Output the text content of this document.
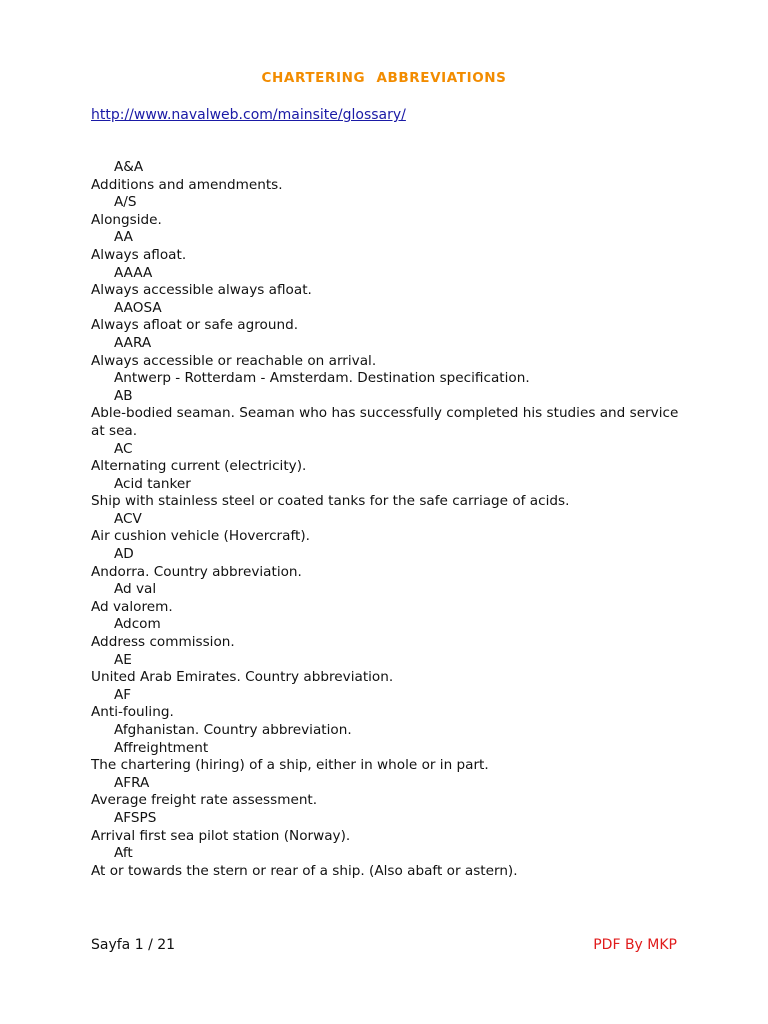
CHARTERING ABBREVIATIONS
http://www.navalweb.com/mainsite/glossary/
A&A
Additions and amendments.
A/S
Alongside.
AA
Always afloat.
AAAA
Always accessible always afloat.
AAOSA
Always afloat or safe aground.
AARA
Always accessible or reachable on arrival.
Antwerp - Rotterdam - Amsterdam. Destination specification.
AB
Able-bodied seaman. Seaman who has successfully completed his studies and service at sea.
AC
Alternating current (electricity).
Acid tanker
Ship with stainless steel or coated tanks for the safe carriage of acids.
ACV
Air cushion vehicle (Hovercraft).
AD
Andorra. Country abbreviation.
Ad val
Ad valorem.
Adcom
Address commission.
AE
United Arab Emirates. Country abbreviation.
AF
Anti-fouling.
Afghanistan. Country abbreviation.
Affreightment
The chartering (hiring) of a ship, either in whole or in part.
AFRA
Average freight rate assessment.
AFSPS
Arrival first sea pilot station (Norway).
Aft
At or towards the stern or rear of a ship. (Also abaft or astern).
Sayfa 1 / 21	PDF By MKP
